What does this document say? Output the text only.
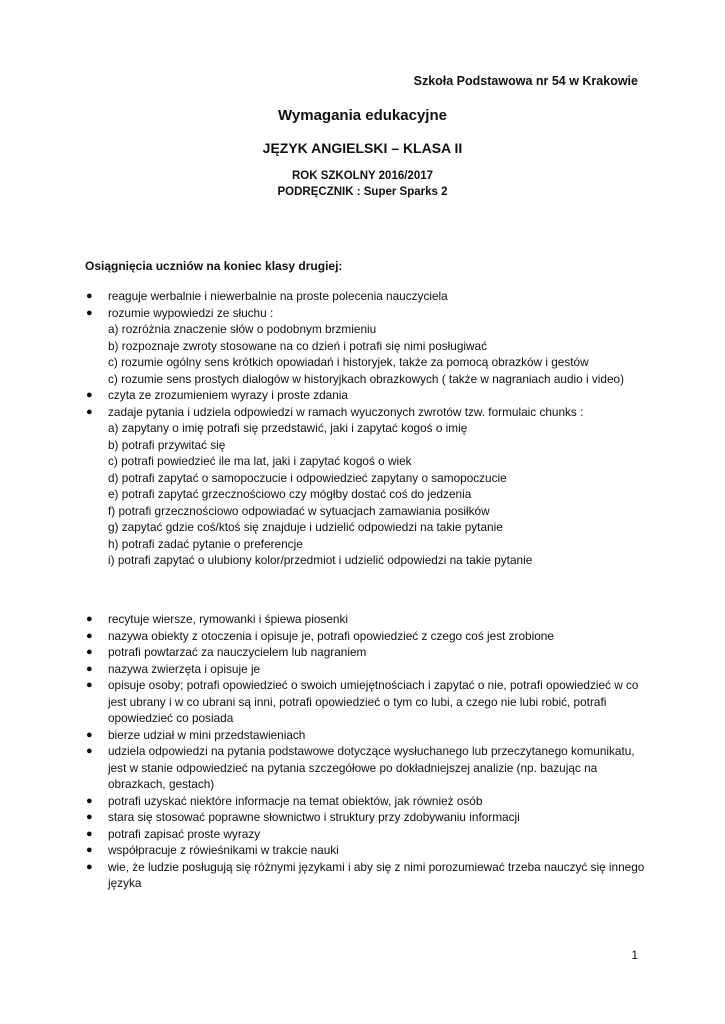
Szkoła Podstawowa nr 54 w Krakowie
Wymagania edukacyjne
JĘZYK ANGIELSKI – KLASA II
ROK SZKOLNY 2016/2017
PODRĘCZNIK : Super Sparks 2
Osiągnięcia uczniów na koniec klasy drugiej:
● reaguje werbalnie i niewerbalnie na proste polecenia nauczyciela
● rozumie wypowiedzi ze słuchu :
a) rozróżnia znaczenie słów o podobnym brzmieniu
b) rozpoznaje zwroty stosowane na co dzień i potrafi się nimi posługiwać
c) rozumie ogólny sens krótkich opowiadań i historyjek, także za pomocą obrazków i gestów
c) rozumie sens prostych dialogów w historyjkach obrazkowych ( także w nagraniach audio i video)
● czyta ze zrozumieniem wyrazy i proste zdania
● zadaje pytania i udziela odpowiedzi w ramach wyuczonych zwrotów tzw. formulaic chunks :
a) zapytany o imię potrafi się przedstawić, jaki i zapytać kogoś o imię
b) potrafi przywitać się
c) potrafi powiedzieć ile ma lat, jaki i zapytać kogoś o wiek
d) potrafi zapytać o samopoczucie i odpowiedzieć zapytany o samopoczucie
e) potrafi zapytać grzecznościowo czy mógłby dostać coś do jedzenia
f) potrafi grzecznościowo odpowiadać w sytuacjach zamawiania posiłków
g) zapytać gdzie coś/ktoś się znajduje i udzielić odpowiedzi na takie pytanie
h) potrafi zadać pytanie o preferencje
i) potrafi zapytać o ulubiony kolor/przedmiot i udzielić odpowiedzi na takie pytanie
● recytuje wiersze, rymowanki i śpiewa piosenki
● nazywa obiekty z otoczenia i opisuje je, potrafi opowiedzieć z czego coś jest zrobione
● potrafi powtarzać za nauczycielem lub nagraniem
● nazywa zwierzęta i opisuje je
● opisuje osoby; potrafi opowiedzieć o swoich umiejętnościach i zapytać o nie, potrafi opowiedzieć w co jest ubrany i w co ubrani są inni, potrafi opowiedzieć o tym co lubi, a czego nie lubi robić, potrafi opowiedzieć co posiada
● bierze udział w mini przedstawieniach
● udziela odpowiedzi na pytania podstawowe dotyczące wysłuchanego lub przeczytanego komunikatu, jest w stanie odpowiedzieć na pytania szczegółowe po dokładniejszej analizie (np. bazując na obrazkach, gestach)
● potrafi uzyskać niektóre informacje na temat obiektów, jak również osób
● stara się stosować poprawne słownictwo i struktury przy zdobywaniu informacji
● potrafi zapisać proste wyrazy
● współpracuje z rówieśnikami w trakcie nauki
● wie, że ludzie posługują się różnymi językami i aby się z nimi porozumiewać trzeba nauczyć się innego języka
1
